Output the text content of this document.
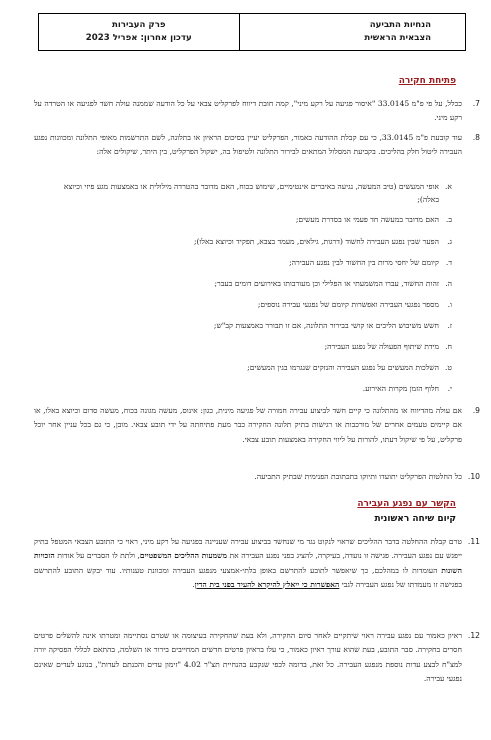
הנחיות התביעה
הצבאית הראשית
פרק העבירות
עדכון אחרון: אפריל 2023
פתיחת חקירה
7.
ככלל, על פי פ"מ 33.0145 "איסור פגיעה על רקע מיני", קמה חובת דיווח לפרקליט צבאי על כל הודעה שממנה עולה חשד לפגיעה או הטרדה על רקע מיני.
8.
עוד קובעת פ"מ 33.0145, כי עם קבלת ההודעה כאמור, הפרקליט יעיין בסיכום הראיון או בתלונה, לשם התרשמות מאופי התלונה ומכוונות נפגע העבירה ליטול חלק בהליכים. בקביעת המסלול המתאים לבירור התלונה ולטיפול בה, ישקול הפרקליט, בין היתר, שיקולים אלה:
א.
אופי המעשים (טיב המעשה, נגיעה באיברים אינטימיים, שימוש בכוח, האם מדובר בהטרדה מילולית או באמצעות מגע פיזי וכיוצא באלה);
ב.
האם מדובר במעשה חד פעמי או בסדרת מעשים;
ג.
הפער שבין נפגע העבירה לחשוד (דרגות, גילאים, מעמד בצבא, תפקיד וכיוצא באלו);
ד.
קיומם של יחסי מרות בין החשוד לבין נפגע העבירה;
ה.
זהות החשוד, עברו המשמעתי או הפלילי וכן מעורבותו באירועים דומים בעבר;
ו.
מספר נפגעי העבירה ואפשרות קיומם של נפגעי עבירה נוספים;
ז.
חשש משיבוש הליכים או קושי בבירור התלונה, אם זו תבורר באמצעות קב"ש;
ח.
מידת שיתוף הפעולה של נפגע העבירה;
ט.
השלכות המעשים על נפגע העבירה והנזקים שנגרמו בגין המעשים;
י.
חלוף הזמן מקרות האירוע.
9.
אם עולה מהדיווח או מהתלונה כי קיים חשד לביצוע עבירה חמורה של פגיעה מינית, כגון: אינוס, מעשה מגונה בכוח, מעשה סדום וכיוצא באלו, או אם קיימים טעמים אחרים של מורכבות או רגישות בתיק תלונה החקירה כבר מעת פתיחתה על ידי תובע צבאי. מובן, כי גם בכל עניין אחר יוכל פרקליט, על פי שיקול דעתו, להורות על ליווי החקירה באמצעות תובע צבאי.
10.
כל החלטות הפרקליט יתועדו ותיוקו בתכתובת הפנימית שבתיק התביעה.
הקשר עם נפגע העבירה
קיום שיחה ראשונית
11.
טרם קבלת ההחלטה בדבר ההליכים שראוי לנקוט נגד מי שנחשד בביצוע עבירה שעניינה בפגיעה על רקע מיני, ראוי כי התובע הצבאי המטפל בתיק ייפגש עם נפגע העבירה. פגישה זו נועדה, בעיקרה, להציג בפני נפגע העבירה את משמעות ההליכים המשפטיים, ולתת לו הסברים על אודות הזכויות השונות העומדות לו במהלכם, כך שיאפשר לתובע להתרשם באופן בלתי-אמצעי מנפגע העבירה ומכוונת טענותיו. עוד יבקש התובע להתרשם בפגישה זו מעמדתו של נפגע העבירה לגבי האפשרות כי ייאלץ להיקרא להעיד בפני בית הדין.
12.
ראיון כאמור עם נפגע עבירה ראוי שיתקיים לאחר סיום החקירה, ולא בעת שהחקירה בעיצומה או שטרם נסתיימה ומטרתו אינה להשלים פרטים חסרים בחקירה. סבר התובע, בעת שהוא עורך ראיון כאמור, כי עלו בראיון פרטים חדשים המחייבים בירור או השלמה, בהתאם לכללי הפסיקה יורה למצ"ח לבצע עדות נוספת מנפגע העבירה. כל זאת, בדומה לכפי שנקבע בהנחיית תצ"ר 4.02 "זימון עדים והכנתם לעדות", בנוגע לעדים שאינם נפגעי עבירה.
